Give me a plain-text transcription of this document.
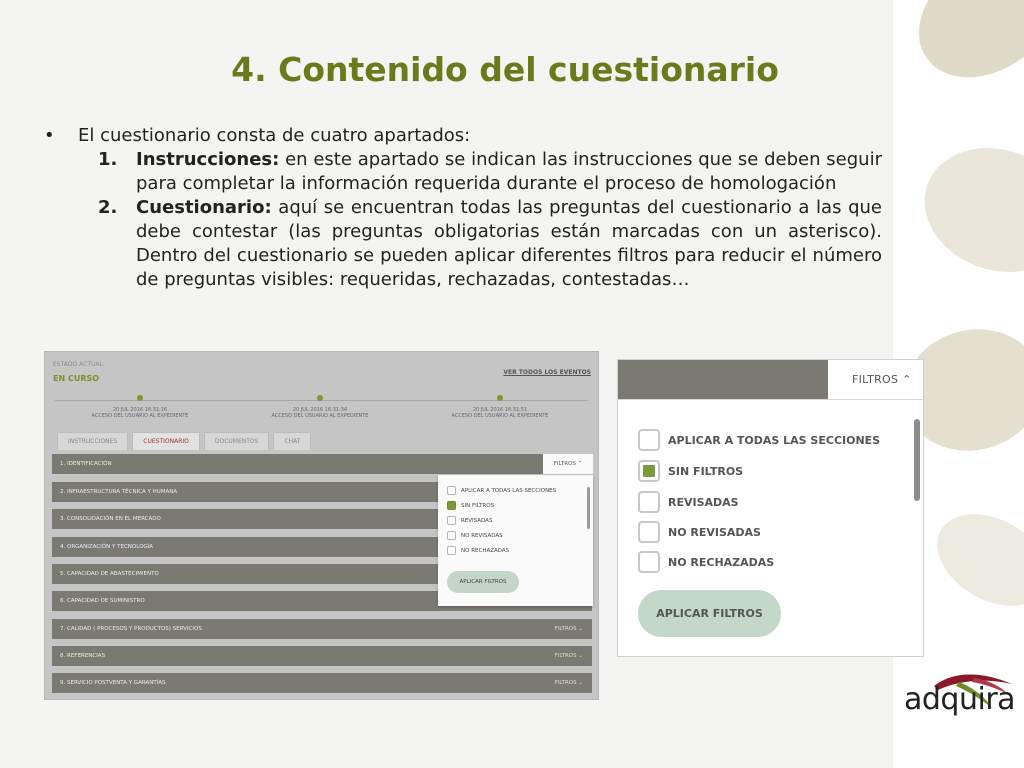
4. Contenido del cuestionario
•	El cuestionario consta de cuatro apartados:
1.	Instrucciones: en este apartado se indican las instrucciones que se deben seguir para completar la información requerida durante el proceso de homologación
2.	Cuestionario: aquí se encuentran todas las preguntas del cuestionario a las que debe contestar (las preguntas obligatorias están marcadas con un asterisco). Dentro del cuestionario se pueden aplicar diferentes filtros para reducir el número de preguntas visibles: requeridas, rechazadas, contestadas…
ESTADO ACTUAL:
EN CURSO
VER TODOS LOS EVENTOS
20 JUL 2016 16:31:16
ACCESO DEL USUARIO AL EXPEDIENTE
20 JUL 2016 16:31:34
ACCESO DEL USUARIO AL EXPEDIENTE
20 JUL 2016 16:31:51
ACCESO DEL USUARIO AL EXPEDIENTE
INSTRUCCIONES	CUESTIONARIO	DOCUMENTOS	CHAT
1. IDENTIFICACIÓN
2. INFRAESTRUCTURA TÉCNICA Y HUMANA
3. CONSOLIDACIÓN EN EL MERCADO
4. ORGANIZACIÓN Y TECNOLOGÍA
5. CAPACIDAD DE ABASTECIMIENTO
6. CAPACIDAD DE SUMINISTRO
7. CALIDAD ( PROCESOS Y PRODUCTOS) SERVICIOS	FILTROS ⌄
8. REFERENCIAS	FILTROS ⌄
9. SERVICIO POSTVENTA Y GARANTÍAS	FILTROS ⌄
FILTROS ⌃
APLICAR A TODAS LAS SECCIONES
SIN FILTROS
REVISADAS
NO REVISADAS
NO RECHAZADAS
APLICAR FILTROS
FILTROS ⌃
APLICAR A TODAS LAS SECCIONES
SIN FILTROS
REVISADAS
NO REVISADAS
NO RECHAZADAS
APLICAR FILTROS
adquira
